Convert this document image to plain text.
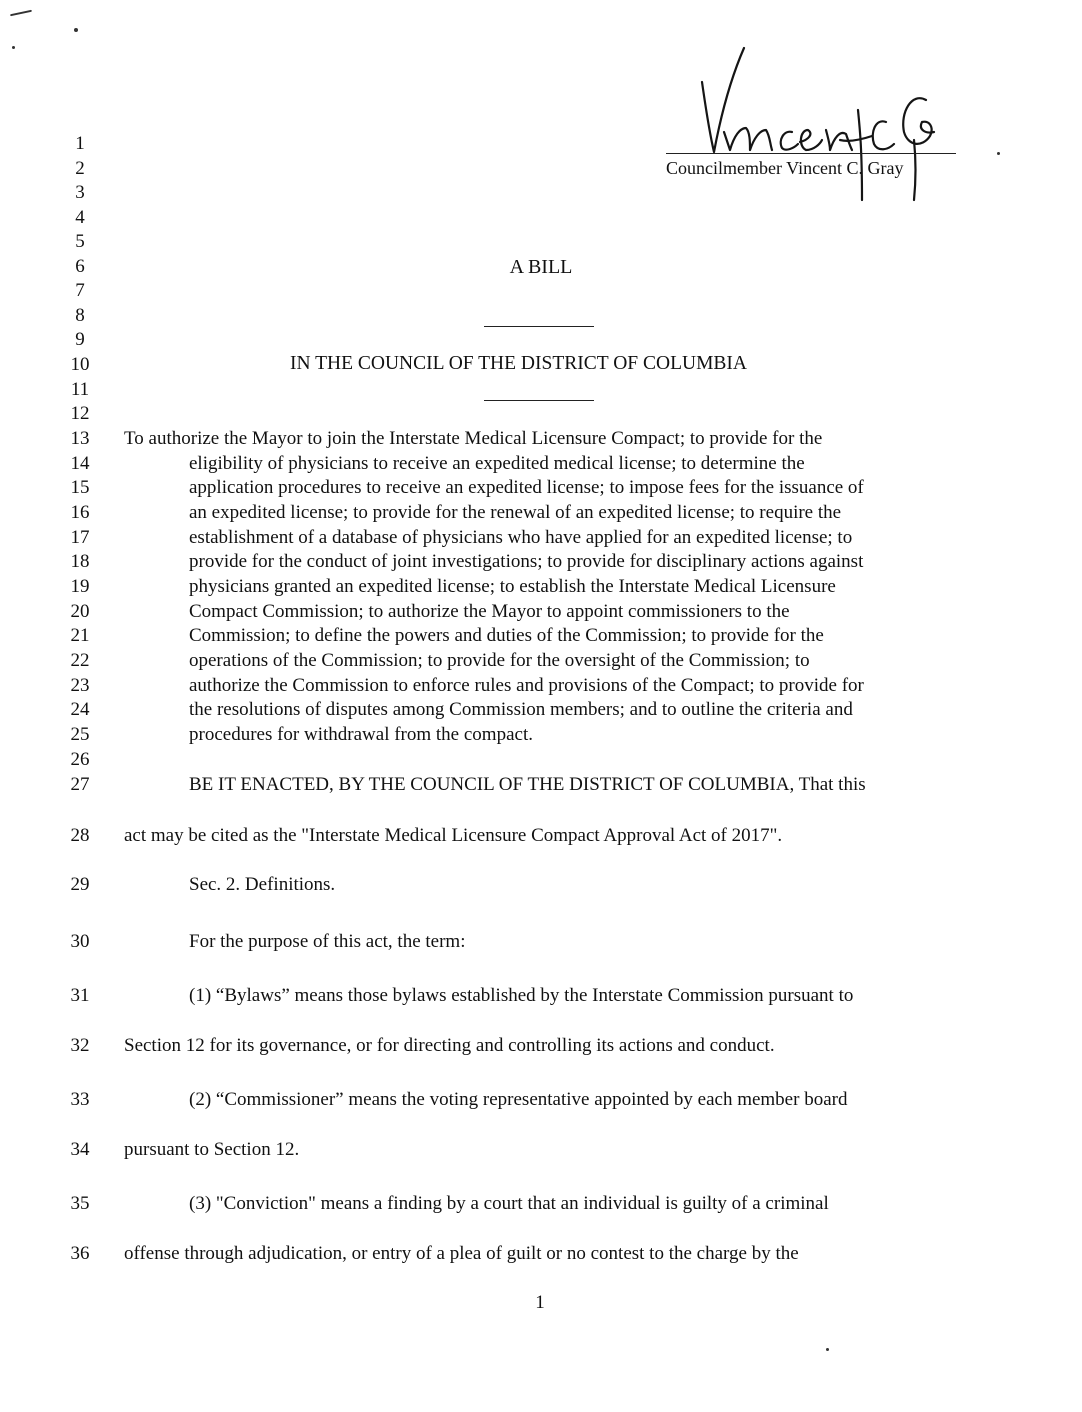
Councilmember Vincent C. Gray
A BILL
IN THE COUNCIL OF THE DISTRICT OF COLUMBIA
1
2
3
4
5
6
7
8
9
10
11
12
13
14
15
16
17
18
19
20
21
22
23
24
25
26
27
28
29
30
31
32
33
34
35
36
To authorize the Mayor to join the Interstate Medical Licensure Compact; to provide for the
eligibility of physicians to receive an expedited medical license; to determine the
application procedures to receive an expedited license; to impose fees for the issuance of
an expedited license; to provide for the renewal of an expedited license; to require the
establishment of a database of physicians who have applied for an expedited license; to
provide for the conduct of joint investigations; to provide for disciplinary actions against
physicians granted an expedited license; to establish the Interstate Medical Licensure
Compact Commission; to authorize the Mayor to appoint commissioners to the
Commission; to define the powers and duties of the Commission; to provide for the
operations of the Commission; to provide for the oversight of the Commission; to
authorize the Commission to enforce rules and provisions of the Compact; to provide for
the resolutions of disputes among Commission members; and to outline the criteria and
procedures for withdrawal from the compact.
BE IT ENACTED, BY THE COUNCIL OF THE DISTRICT OF COLUMBIA, That this
act may be cited as the "Interstate Medical Licensure Compact Approval Act of 2017".
Sec. 2. Definitions.
For the purpose of this act, the term:
(1) “Bylaws” means those bylaws established by the Interstate Commission pursuant to
Section 12 for its governance, or for directing and controlling its actions and conduct.
(2) “Commissioner” means the voting representative appointed by each member board
pursuant to Section 12.
(3) "Conviction" means a finding by a court that an individual is guilty of a criminal
offense through adjudication, or entry of a plea of guilt or no contest to the charge by the
1
